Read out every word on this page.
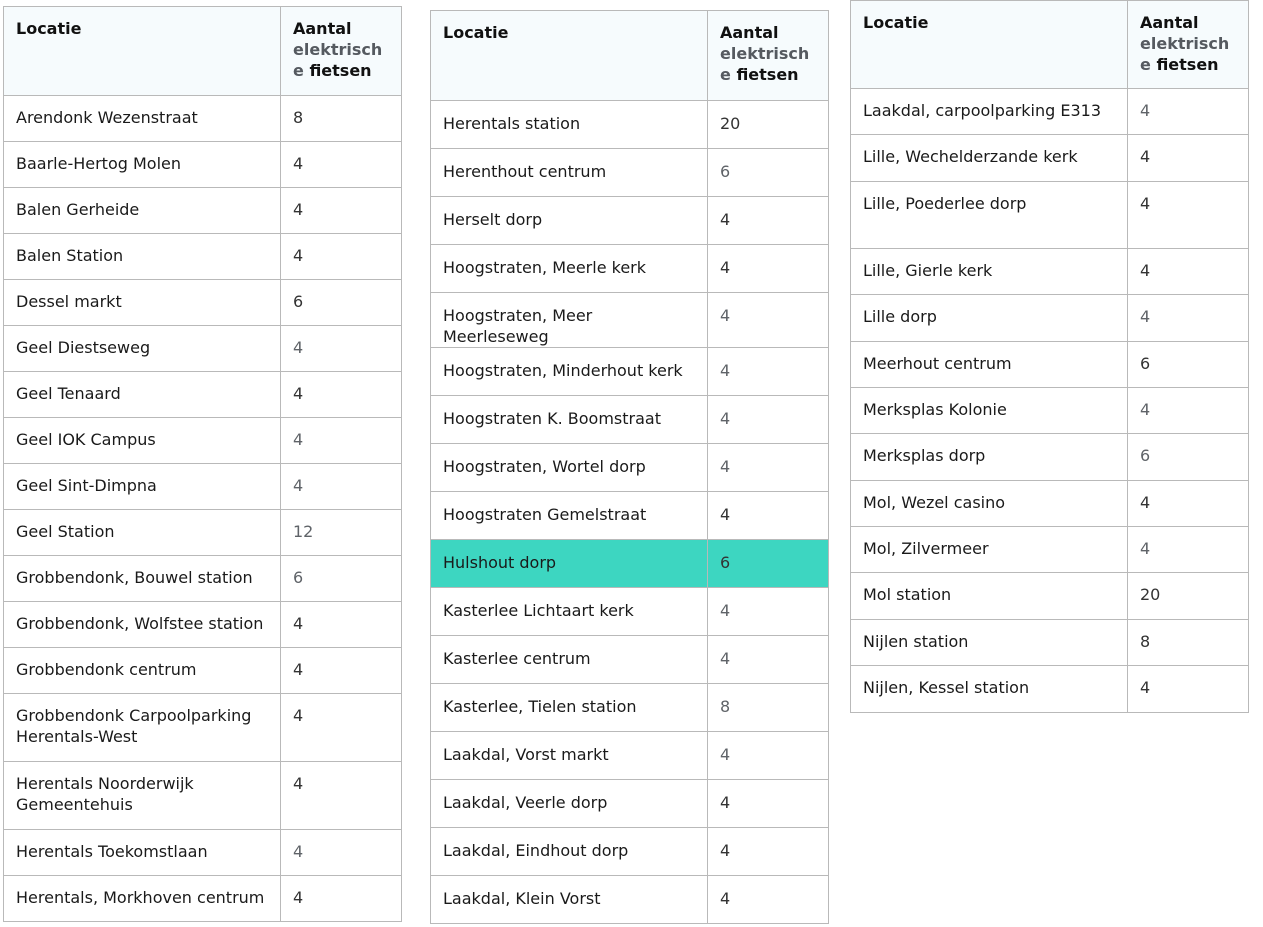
Locatie	Aantal
elektrisch
e fietsen
Arendonk Wezenstraat	8
Baarle-Hertog Molen	4
Balen Gerheide	4
Balen Station	4
Dessel markt	6
Geel Diestseweg	4
Geel Tenaard	4
Geel IOK Campus	4
Geel Sint-Dimpna	4
Geel Station	12
Grobbendonk, Bouwel station	6
Grobbendonk, Wolfstee station	4
Grobbendonk centrum	4
Grobbendonk Carpoolparking Herentals-West	4
Herentals Noorderwijk Gemeentehuis	4
Herentals Toekomstlaan	4
Herentals, Morkhoven centrum	4
Locatie	Aantal
elektrisch
e fietsen
Herentals station	20
Herenthout centrum	6
Herselt dorp	4
Hoogstraten, Meerle kerk	4
Hoogstraten, Meer Meerleseweg	4
Hoogstraten, Minderhout kerk	4
Hoogstraten K. Boomstraat	4
Hoogstraten, Wortel dorp	4
Hoogstraten Gemelstraat	4
Hulshout dorp	6
Kasterlee Lichtaart kerk	4
Kasterlee centrum	4
Kasterlee, Tielen station	8
Laakdal, Vorst markt	4
Laakdal, Veerle dorp	4
Laakdal, Eindhout dorp	4
Laakdal, Klein Vorst	4
Locatie	Aantal
elektrisch
e fietsen
Laakdal, carpoolparking E313	4
Lille, Wechelderzande kerk	4
Lille, Poederlee dorp	4
Lille, Gierle kerk	4
Lille dorp	4
Meerhout centrum	6
Merksplas Kolonie	4
Merksplas dorp	6
Mol, Wezel casino	4
Mol, Zilvermeer	4
Mol station	20
Nijlen station	8
Nijlen, Kessel station	4
